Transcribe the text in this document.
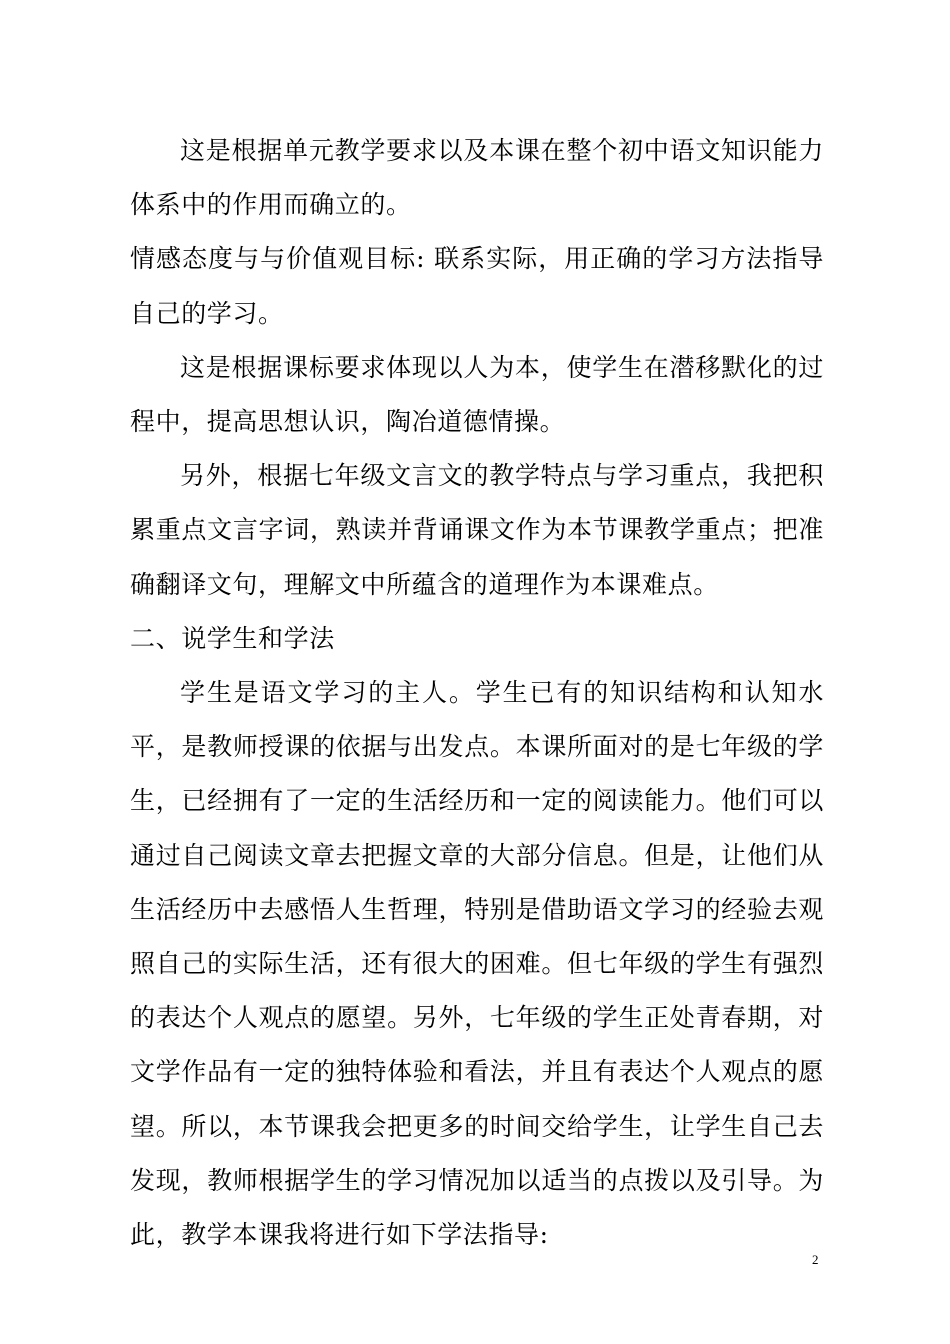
这是根据单元教学要求以及本课在整个初中语文知识能力体系中的作用而确立的。

情感态度与与价值观目标: 联系实际，用正确的学习方法指导自己的学习。

这是根据课标要求体现以人为本，使学生在潜移默化的过程中，提高思想认识，陶冶道德情操。

另外，根据七年级文言文的教学特点与学习重点，我把积累重点文言字词，熟读并背诵课文作为本节课教学重点；把准确翻译文句，理解文中所蕴含的道理作为本课难点。

二、说学生和学法

学生是语文学习的主人。学生已有的知识结构和认知水平，是教师授课的依据与出发点。本课所面对的是七年级的学生，已经拥有了一定的生活经历和一定的阅读能力。他们可以通过自己阅读文章去把握文章的大部分信息。但是，让他们从生活经历中去感悟人生哲理，特别是借助语文学习的经验去观照自己的实际生活，还有很大的困难。但七年级的学生有强烈的表达个人观点的愿望。另外，七年级的学生正处青春期，对文学作品有一定的独特体验和看法，并且有表达个人观点的愿望。所以，本节课我会把更多的时间交给学生，让学生自己去发现，教师根据学生的学习情况加以适当的点拨以及引导。为此，教学本课我将进行如下学法指导:

2
